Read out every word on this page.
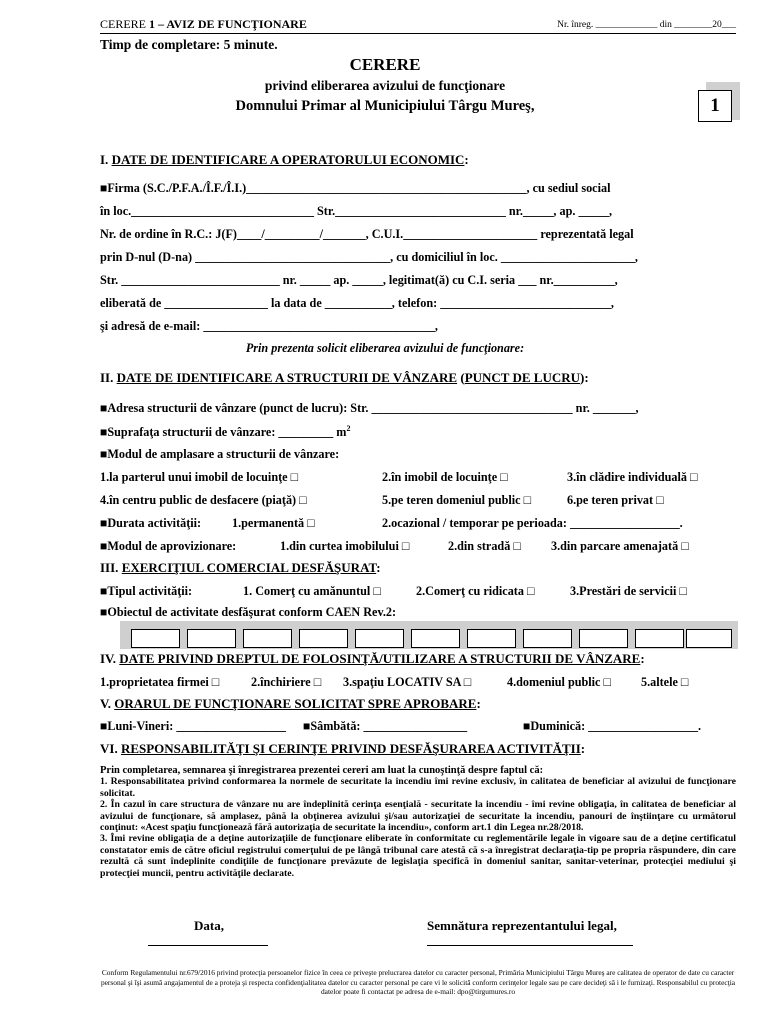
CERERE 1 – AVIZ DE FUNCŢIONARE	Nr. înreg. _____________ din ________20___
Timp de completare: 5 minute.
CERERE
privind eliberarea avizului de funcţionare
Domnului Primar al Municipiului Târgu Mureş,	1
I. DATE DE IDENTIFICARE A OPERATORULUI ECONOMIC:
■Firma (S.C./P.F.A./Î.F./Î.I.)______________________________________________, cu sediul social
în loc.______________________________ Str.____________________________ nr._____, ap. _____,
Nr. de ordine în R.C.: J(F)____/_________/_______, C.U.I.______________________ reprezentată legal
prin D-nul (D-na) ________________________________, cu domiciliul în loc. ______________________,
Str. __________________________ nr. _____ ap. _____, legitimat(ă) cu C.I. seria ___ nr.__________,
eliberată de _________________ la data de ___________, telefon: ____________________________,
şi adresă de e-mail: ______________________________________,
Prin prezenta solicit eliberarea avizului de funcţionare:
II. DATE DE IDENTIFICARE A STRUCTURII DE VÂNZARE (PUNCT DE LUCRU):
■Adresa structurii de vânzare (punct de lucru): Str. _________________________________ nr. _______,
■Suprafaţa structurii de vânzare: _________ $m^2$
■Modul de amplasare a structurii de vânzare:
1.la parterul unui imobil de locuinţe □	2.în imobil de locuinţe □	3.în clădire individuală □
4.în centru public de desfacere (piaţă) □	5.pe teren domeniul public □	6.pe teren privat □
■Durata activităţii:	1.permanentă □	2.ocazional / temporar pe perioada: __________________.
■Modul de aprovizionare:	1.din curtea imobilului □	2.din stradă □ 3.din parcare amenajată □
III. EXERCIŢIUL COMERCIAL DESFĂŞURAT:
■Tipul activităţii:	1. Comerţ cu amănuntul □	2.Comerţ cu ridicata □	3.Prestări de servicii □
■Obiectul de activitate desfăşurat conform CAEN Rev.2:
IV. DATE PRIVIND DREPTUL DE FOLOSINŢĂ/UTILIZARE A STRUCTURII DE VÂNZARE:
1.proprietatea firmei □	2.închiriere □ 3.spaţiu LOCATIV SA □	4.domeniul public □ 5.altele □
V. ORARUL DE FUNCŢIONARE SOLICITAT SPRE APROBARE:
■Luni-Vineri: __________________ ■Sâmbătă: _________________	■Duminică: __________________.
VI. RESPONSABILITĂŢI ŞI CERINŢE PRIVIND DESFĂŞURAREA ACTIVITĂŢII:
Prin completarea, semnarea şi înregistrarea prezentei cereri am luat la cunoştinţă despre faptul că:
1. Responsabilitatea privind conformarea la normele de securitate la incendiu îmi revine exclusiv, în calitatea de beneficiar al avizului de funcţionare solicitat.
2. În cazul în care structura de vânzare nu are îndeplinită cerinţa esenţială - securitate la incendiu - îmi revine obligaţia, în calitatea de beneficiar al avizului de funcţionare, să amplasez, până la obţinerea avizului şi/sau autorizaţiei de securitate la incendiu, panouri de înştiinţare cu următorul conţinut: «Acest spaţiu funcţionează fără autorizaţia de securitate la incendiu», conform art.1 din Legea nr.28/2018.
3. Îmi revine obligaţia de a deţine autorizaţiile de funcţionare eliberate în conformitate cu reglementările legale în vigoare sau de a deţine certificatul constatator emis de către oficiul registrului comerţului de pe lângă tribunal care atestă că s-a înregistrat declaraţia-tip pe propria răspundere, din care rezultă că sunt îndeplinite condiţiile de funcţionare prevăzute de legislaţia specifică în domeniul sanitar, sanitar-veterinar, protecţiei mediului şi protecţiei muncii, pentru activităţile declarate.
Data,	Semnătura reprezentantului legal,
Conform Regulamentului nr.679/2016 privind protecţia persoanelor fizice în ceea ce priveşte prelucrarea datelor cu caracter personal, Primăria Municipiului Târgu Mureş are calitatea de operator de date cu caracter personal şi îşi asumă angajamentul de a proteja şi respecta confidenţialitatea datelor cu caracter personal pe care vi le solicită conform cerinţelor legale sau pe care decideţi să i le furnizaţi. Responsabilul cu protecţia datelor poate fi contactat pe adresa de e-mail: dpo@tirgumures.ro
